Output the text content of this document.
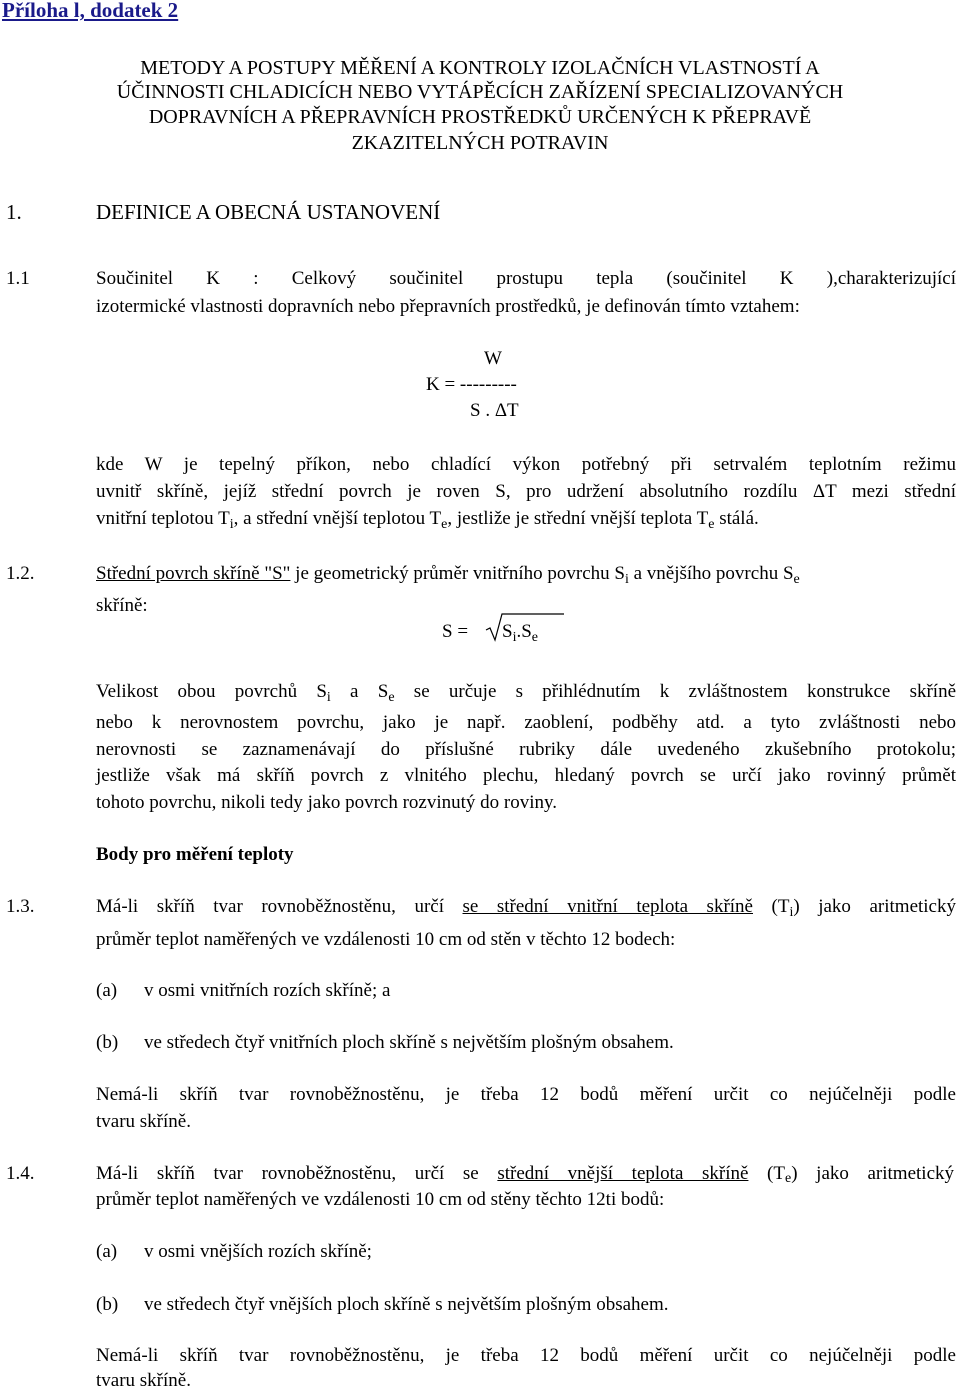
Příloha l, dodatek 2
METODY A POSTUPY MĚŘENÍ A KONTROLY IZOLAČNÍCH VLASTNOSTÍ A
ÚČINNOSTI CHLADICÍCH NEBO VYTÁPĚCÍCH ZAŘÍZENÍ SPECIALIZOVANÝCH
DOPRAVNÍCH A PŘEPRAVNÍCH PROSTŘEDKŮ URČENÝCH K PŘEPRAVĚ
ZKAZITELNÝCH POTRAVIN
1.	DEFINICE A OBECNÁ USTANOVENÍ
1.1	Součinitel K : Celkový součinitel prostupu tepla (součinitel K ),charakterizující
izotermické vlastnosti dopravních nebo přepravních prostředků, je definován tímto vztahem:
W
K = ---------
S . ΔT
kde W je tepelný příkon, nebo chladící výkon potřebný při setrvalém teplotním režimu
uvnitř skříně, jejíž střední povrch je roven S, pro udržení absolutního rozdílu ΔT mezi střední
vnitřní teplotou $T_i$, a střední vnější teplotou $T_e$, jestliže je střední vnější teplota $T_e$ stálá.
1.2.	Střední povrch skříně "S" je geometrický průměr vnitřního povrchu $S_i$ a vnějšího povrchu $S_e$
skříně:
$S = S_i.S_e$
Velikost obou povrchů $S_i$ a $S_e$ se určuje s přihlédnutím k zvláštnostem konstrukce skříně
nebo k nerovnostem povrchu, jako je např. zaoblení, podběhy atd. a tyto zvláštnosti nebo
nerovnosti se zaznamenávají do příslušné rubriky dále uvedeného zkušebního protokolu;
jestliže však má skříň povrch z vlnitého plechu, hledaný povrch se určí jako rovinný průmět
tohoto povrchu, nikoli tedy jako povrch rozvinutý do roviny.
Body pro měření teploty
1.3.	Má-li skříň tvar rovnoběžnostěnu, určí se střední vnitřní teplota skříně $(T_i)$ jako aritmetický
průměr teplot naměřených ve vzdálenosti 10 cm od stěn v těchto 12 bodech:
(a) v osmi vnitřních rozích skříně; a
(b) ve středech čtyř vnitřních ploch skříně s největším plošným obsahem.
Nemá-li skříň tvar rovnoběžnostěnu, je třeba 12 bodů měření určit co nejúčelněji podle
tvaru skříně.
1.4.	Má-li skříň tvar rovnoběžnostěnu, určí se střední vnější teplota skříně (Te) jako aritmetický
průměr teplot naměřených ve vzdálenosti 10 cm od stěny těchto 12ti bodů:
(a) v osmi vnějších rozích skříně;
(b) ve středech čtyř vnějších ploch skříně s největším plošným obsahem.
Nemá-li skříň tvar rovnoběžnostěnu, je třeba 12 bodů měření určit co nejúčelněji podle
tvaru skříně.
